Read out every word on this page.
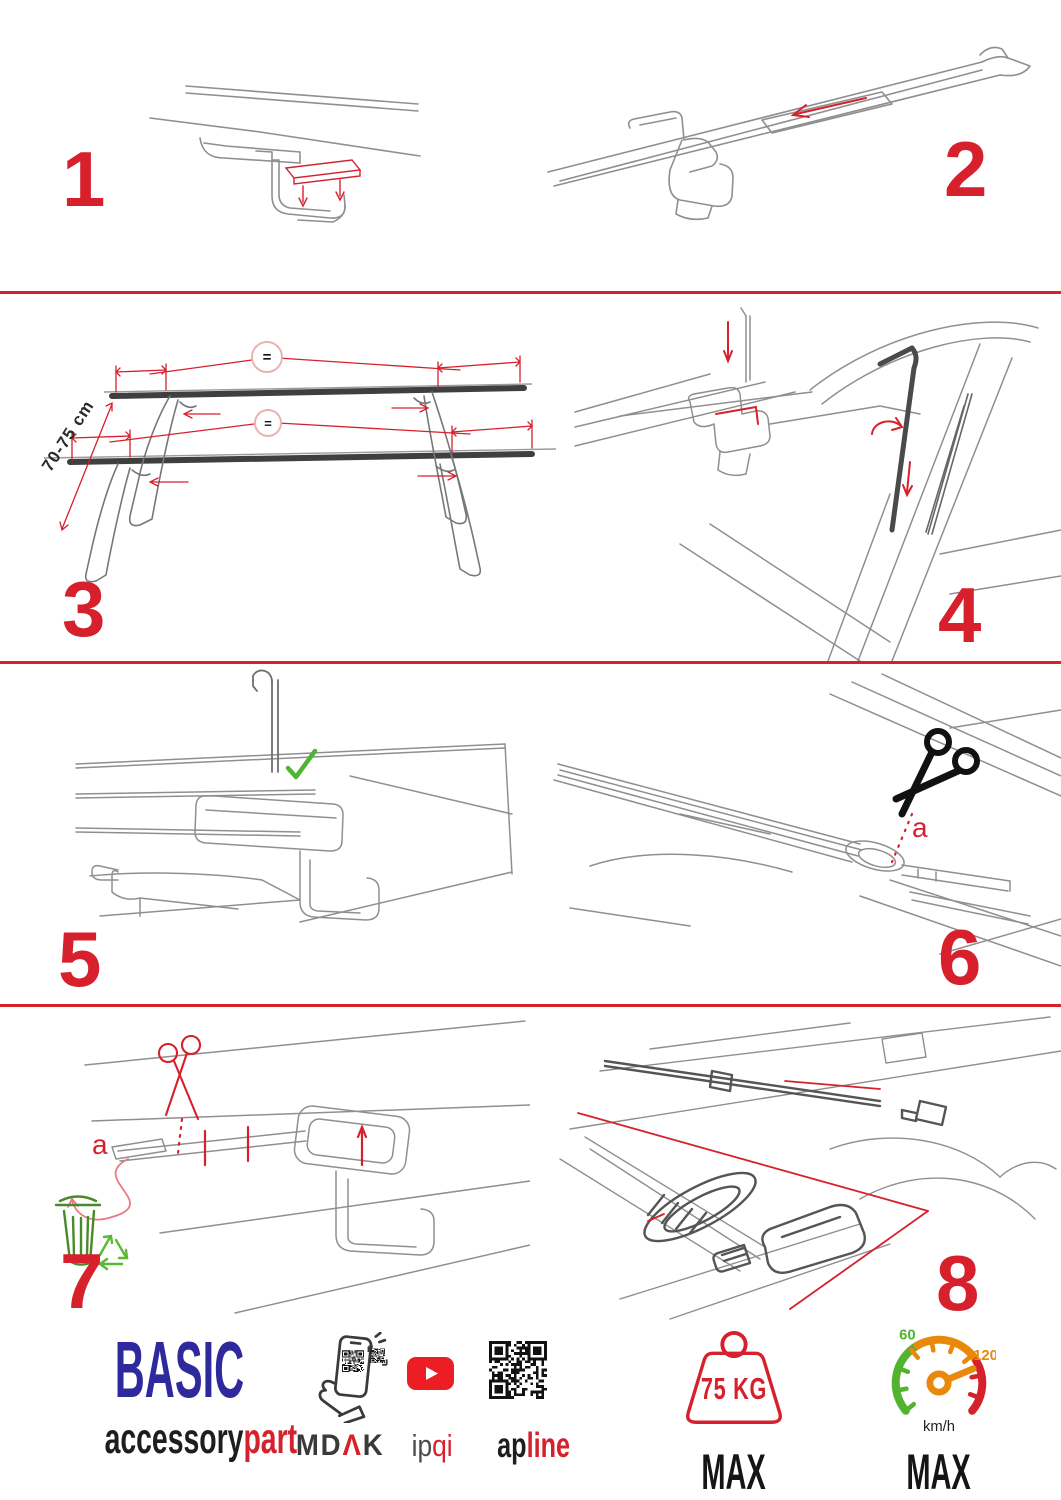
1	2
=
=
70-75 cm
3	4
5
a
6
a
7	8
BASIC
accessorypart MDΛK ipqi	apline
75 KG
MAX
60
120
km/h
MAX
